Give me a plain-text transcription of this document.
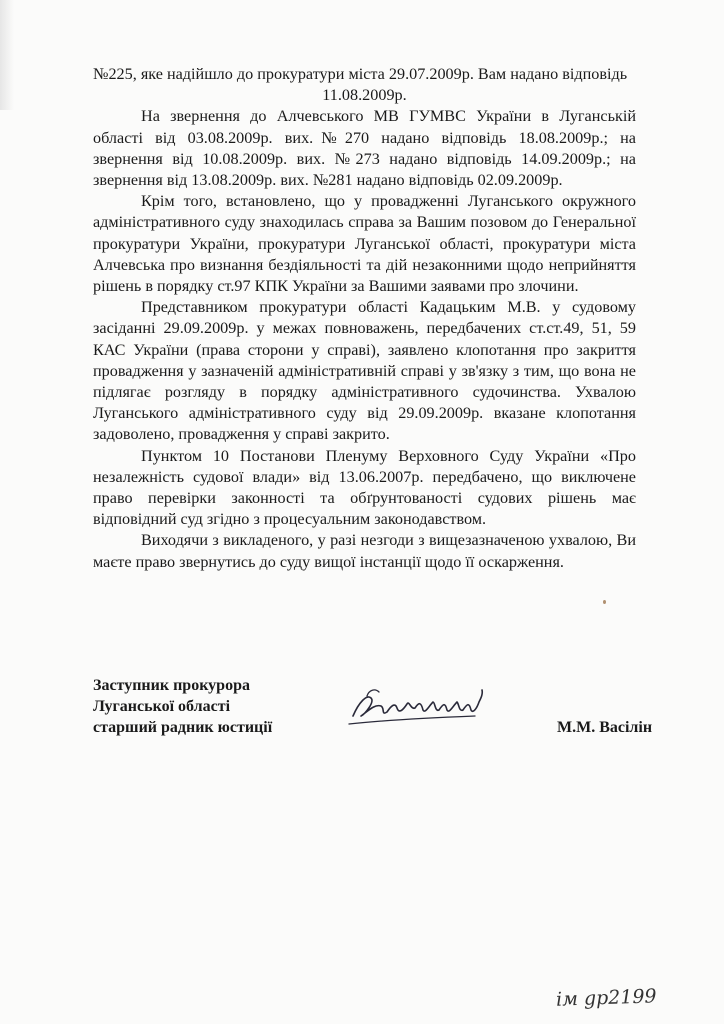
№225, яке надійшло до прокуратури міста 29.07.2009р. Вам надано відповідь

11.08.2009р.

На звернення до Алчевського МВ ГУМВС України в Луганській області від 03.08.2009р. вих.№270 надано відповідь 18.08.2009р.; на звернення від 10.08.2009р. вих. №273 надано відповідь 14.09.2009р.; на звернення від 13.08.2009р. вих. №281 надано відповідь 02.09.2009р.

Крім того, встановлено, що у провадженні Луганського окружного адміністративного суду знаходилась справа за Вашим позовом до Генеральної прокуратури України, прокуратури Луганської області, прокуратури міста Алчевська про визнання бездіяльності та дій незаконними щодо неприйняття рішень в порядку ст.97 КПК України за Вашими заявами про злочини.

Представником прокуратури області Кадацьким М.В. у судовому засіданні 29.09.2009р. у межах повноважень, передбачених ст.ст.49, 51, 59 КАС України (права сторони у справі), заявлено клопотання про закриття провадження у зазначеній адміністративній справі у зв'язку з тим, що вона не підлягає розгляду в порядку адміністративного судочинства. Ухвалою Луганського адміністративного суду від 29.09.2009р. вказане клопотання задоволено, провадження у справі закрито.

Пунктом 10 Постанови Пленуму Верховного Суду України «Про незалежність судової влади» від 13.06.2007р. передбачено, що виключене право перевірки законності та обґрунтованості судових рішень має відповідний суд згідно з процесуальним законодавством.

Виходячи з викладеного, у разі незгоди з вищезазначеною ухвалою, Ви маєте право звернутись до суду вищої інстанції щодо її оскарження.

Заступник прокурора
Луганської області
старший радник юстиції	М.М. Васілін
ім gp2199
